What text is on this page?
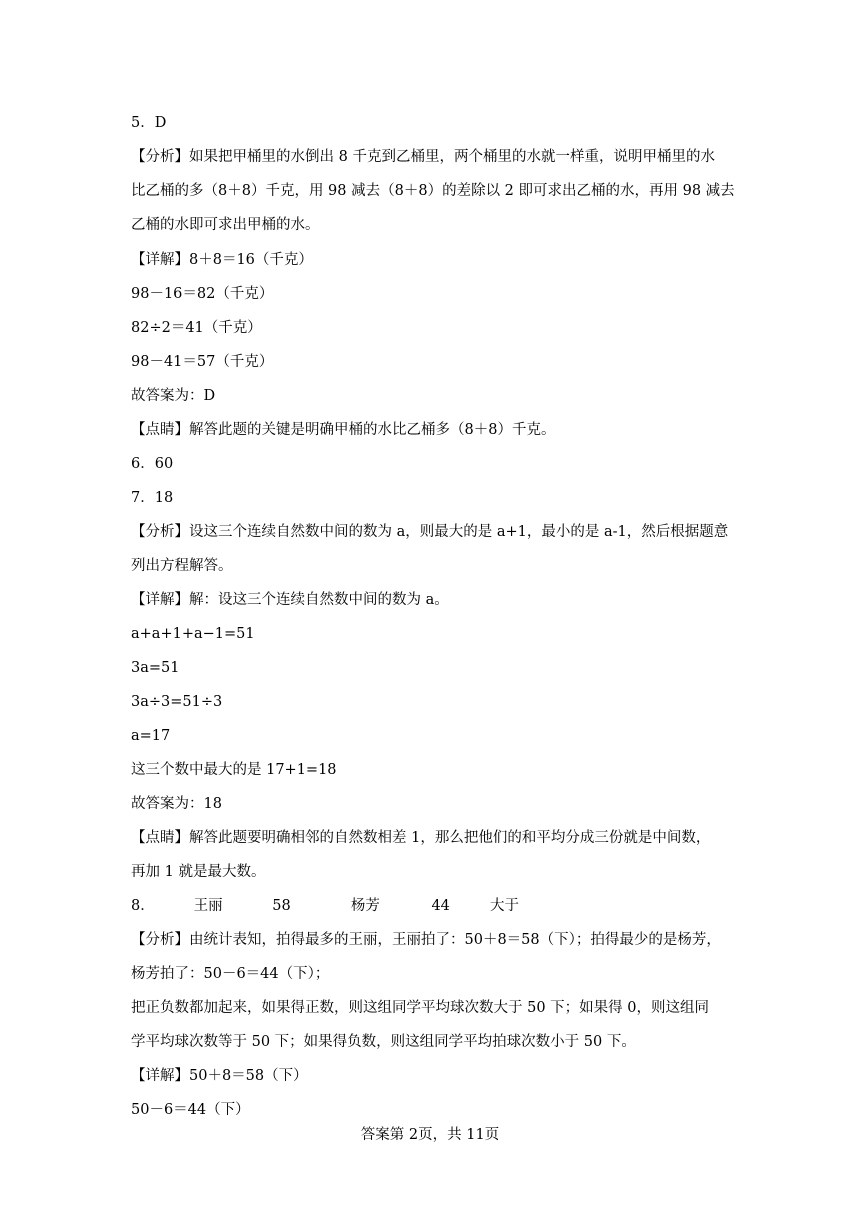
5．D
【分析】如果把甲桶里的水倒出 8 千克到乙桶里，两个桶里的水就一样重，说明甲桶里的水
比乙桶的多（8＋8）千克，用 98 减去（8＋8）的差除以 2 即可求出乙桶的水，再用 98 减去
乙桶的水即可求出甲桶的水。
【详解】8＋8＝16（千克）
98－16＝82（千克）
82÷2＝41（千克）
98－41＝57（千克）
故答案为：D
【点睛】解答此题的关键是明确甲桶的水比乙桶多（8＋8）千克。
6．60
7．18
【分析】设这三个连续自然数中间的数为 a，则最大的是 a+1，最小的是 a-1，然后根据题意
列出方程解答。
【详解】解：设这三个连续自然数中间的数为 a。
a+a+1+a−1=51
3a=51
3a÷3=51÷3
a=17
这三个数中最大的是 17+1=18
故答案为：18
【点睛】解答此题要明确相邻的自然数相差 1，那么把他们的和平均分成三份就是中间数，
再加 1 就是最大数。
8．	王丽	58	杨芳	44	大于
【分析】由统计表知，拍得最多的王丽，王丽拍了：50＋8＝58（下）；拍得最少的是杨芳，
杨芳拍了：50－6＝44（下）；
把正负数都加起来，如果得正数，则这组同学平均球次数大于 50 下；如果得 0，则这组同
学平均球次数等于 50 下；如果得负数，则这组同学平均拍球次数小于 50 下。
【详解】50＋8＝58（下）
50－6＝44（下）
答案第 2页，共 11页
